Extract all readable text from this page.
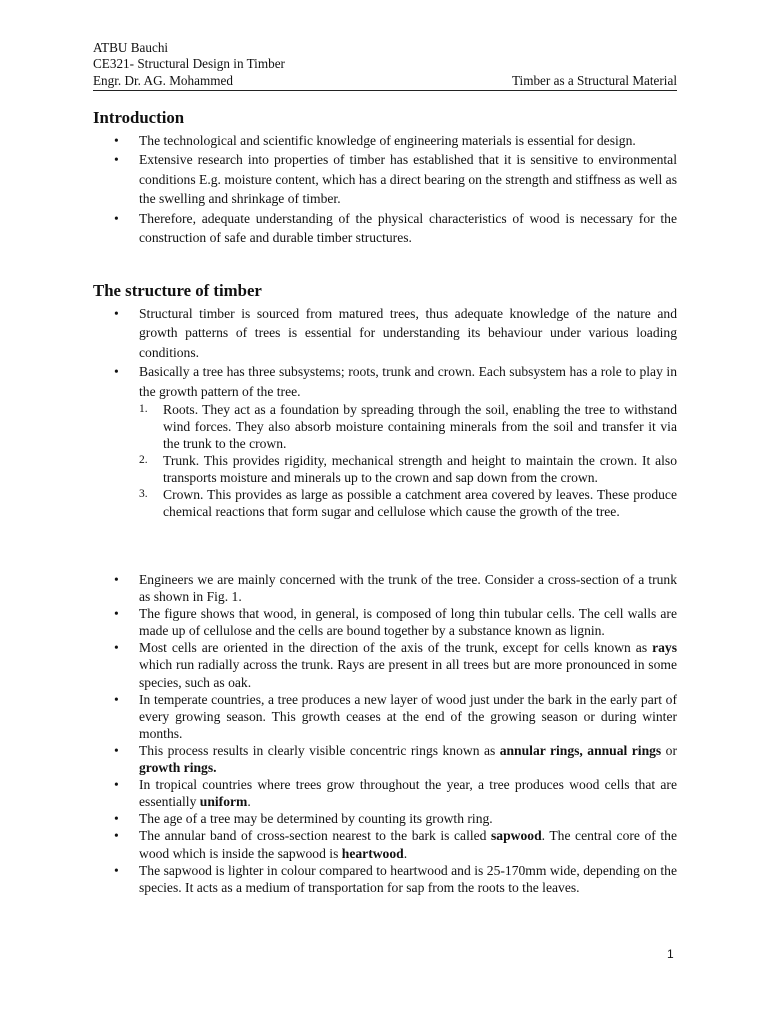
ATBU Bauchi
CE321- Structural Design in Timber
Engr. Dr. AG. Mohammed	Timber as a Structural Material
Introduction
• The technological and scientific knowledge of engineering materials is essential for design.
• Extensive research into properties of timber has established that it is sensitive to environmental conditions E.g. moisture content, which has a direct bearing on the strength and stiffness as well as the swelling and shrinkage of timber.
• Therefore, adequate understanding of the physical characteristics of wood is necessary for the construction of safe and durable timber structures.
The structure of timber
• Structural timber is sourced from matured trees, thus adequate knowledge of the nature and growth patterns of trees is essential for understanding its behaviour under various loading conditions.
• Basically a tree has three subsystems; roots, trunk and crown. Each subsystem has a role to play in the growth pattern of the tree.
1. Roots. They act as a foundation by spreading through the soil, enabling the tree to withstand wind forces. They also absorb moisture containing minerals from the soil and transfer it via the trunk to the crown.
2. Trunk. This provides rigidity, mechanical strength and height to maintain the crown. It also transports moisture and minerals up to the crown and sap down from the crown.
3. Crown. This provides as large as possible a catchment area covered by leaves. These produce chemical reactions that form sugar and cellulose which cause the growth of the tree.
• Engineers we are mainly concerned with the trunk of the tree. Consider a cross-section of a trunk as shown in Fig. 1.
• The figure shows that wood, in general, is composed of long thin tubular cells. The cell walls are made up of cellulose and the cells are bound together by a substance known as lignin.
• Most cells are oriented in the direction of the axis of the trunk, except for cells known as rays which run radially across the trunk. Rays are present in all trees but are more pronounced in some species, such as oak.
• In temperate countries, a tree produces a new layer of wood just under the bark in the early part of every growing season. This growth ceases at the end of the growing season or during winter months.
• This process results in clearly visible concentric rings known as annular rings, annual rings or growth rings.
• In tropical countries where trees grow throughout the year, a tree produces wood cells that are essentially uniform.
• The age of a tree may be determined by counting its growth ring.
• The annular band of cross-section nearest to the bark is called sapwood. The central core of the wood which is inside the sapwood is heartwood.
• The sapwood is lighter in colour compared to heartwood and is 25-170mm wide, depending on the species. It acts as a medium of transportation for sap from the roots to the leaves.
1
